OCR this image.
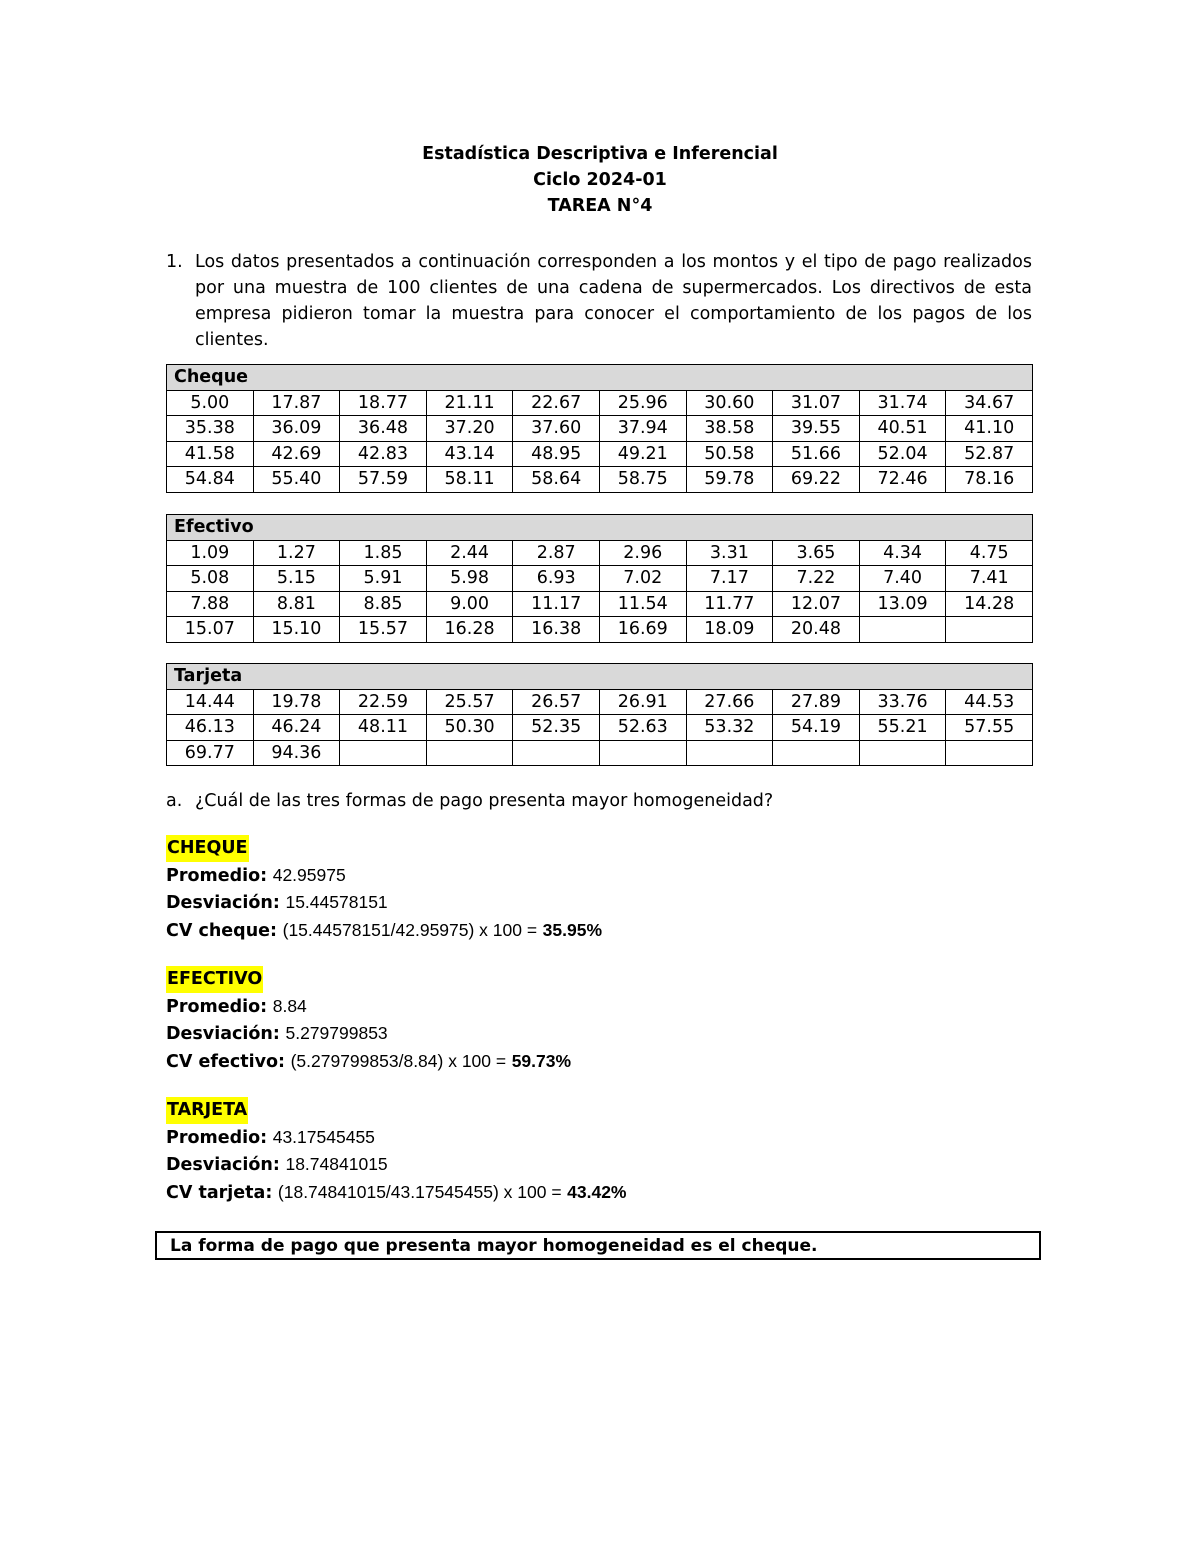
Estadística Descriptiva e Inferencial
Ciclo 2024-01
TAREA N°4
1. Los datos presentados a continuación corresponden a los montos y el tipo de pago realizados por una muestra de 100 clientes de una cadena de supermercados. Los directivos de esta empresa pidieron tomar la muestra para conocer el comportamiento de los pagos de los clientes.
Cheque									
5.00	17.87	18.77	21.11	22.67	25.96	30.60	31.07	31.74	34.67
35.38	36.09	36.48	37.20	37.60	37.94	38.58	39.55	40.51	41.10
41.58	42.69	42.83	43.14	48.95	49.21	50.58	51.66	52.04	52.87
54.84	55.40	57.59	58.11	58.64	58.75	59.78	69.22	72.46	78.16
Efectivo									
1.09	1.27	1.85	2.44	2.87	2.96	3.31	3.65	4.34	4.75
5.08	5.15	5.91	5.98	6.93	7.02	7.17	7.22	7.40	7.41
7.88	8.81	8.85	9.00	11.17	11.54	11.77	12.07	13.09	14.28
15.07	15.10	15.57	16.28	16.38	16.69	18.09	20.48		
Tarjeta									
14.44	19.78	22.59	25.57	26.57	26.91	27.66	27.89	33.76	44.53
46.13	46.24	48.11	50.30	52.35	52.63	53.32	54.19	55.21	57.55
69.77	94.36								
a. ¿Cuál de las tres formas de pago presenta mayor homogeneidad?
CHEQUE
Promedio: 42.95975
Desviación: 15.44578151
CV cheque: (15.44578151/42.95975) x 100 = 35.95%
EFECTIVO
Promedio: 8.84
Desviación: 5.279799853
CV efectivo: (5.279799853/8.84) x 100 = 59.73%
TARJETA
Promedio: 43.17545455
Desviación: 18.74841015
CV tarjeta: (18.74841015/43.17545455) x 100 = 43.42%
La forma de pago que presenta mayor homogeneidad es el cheque.
